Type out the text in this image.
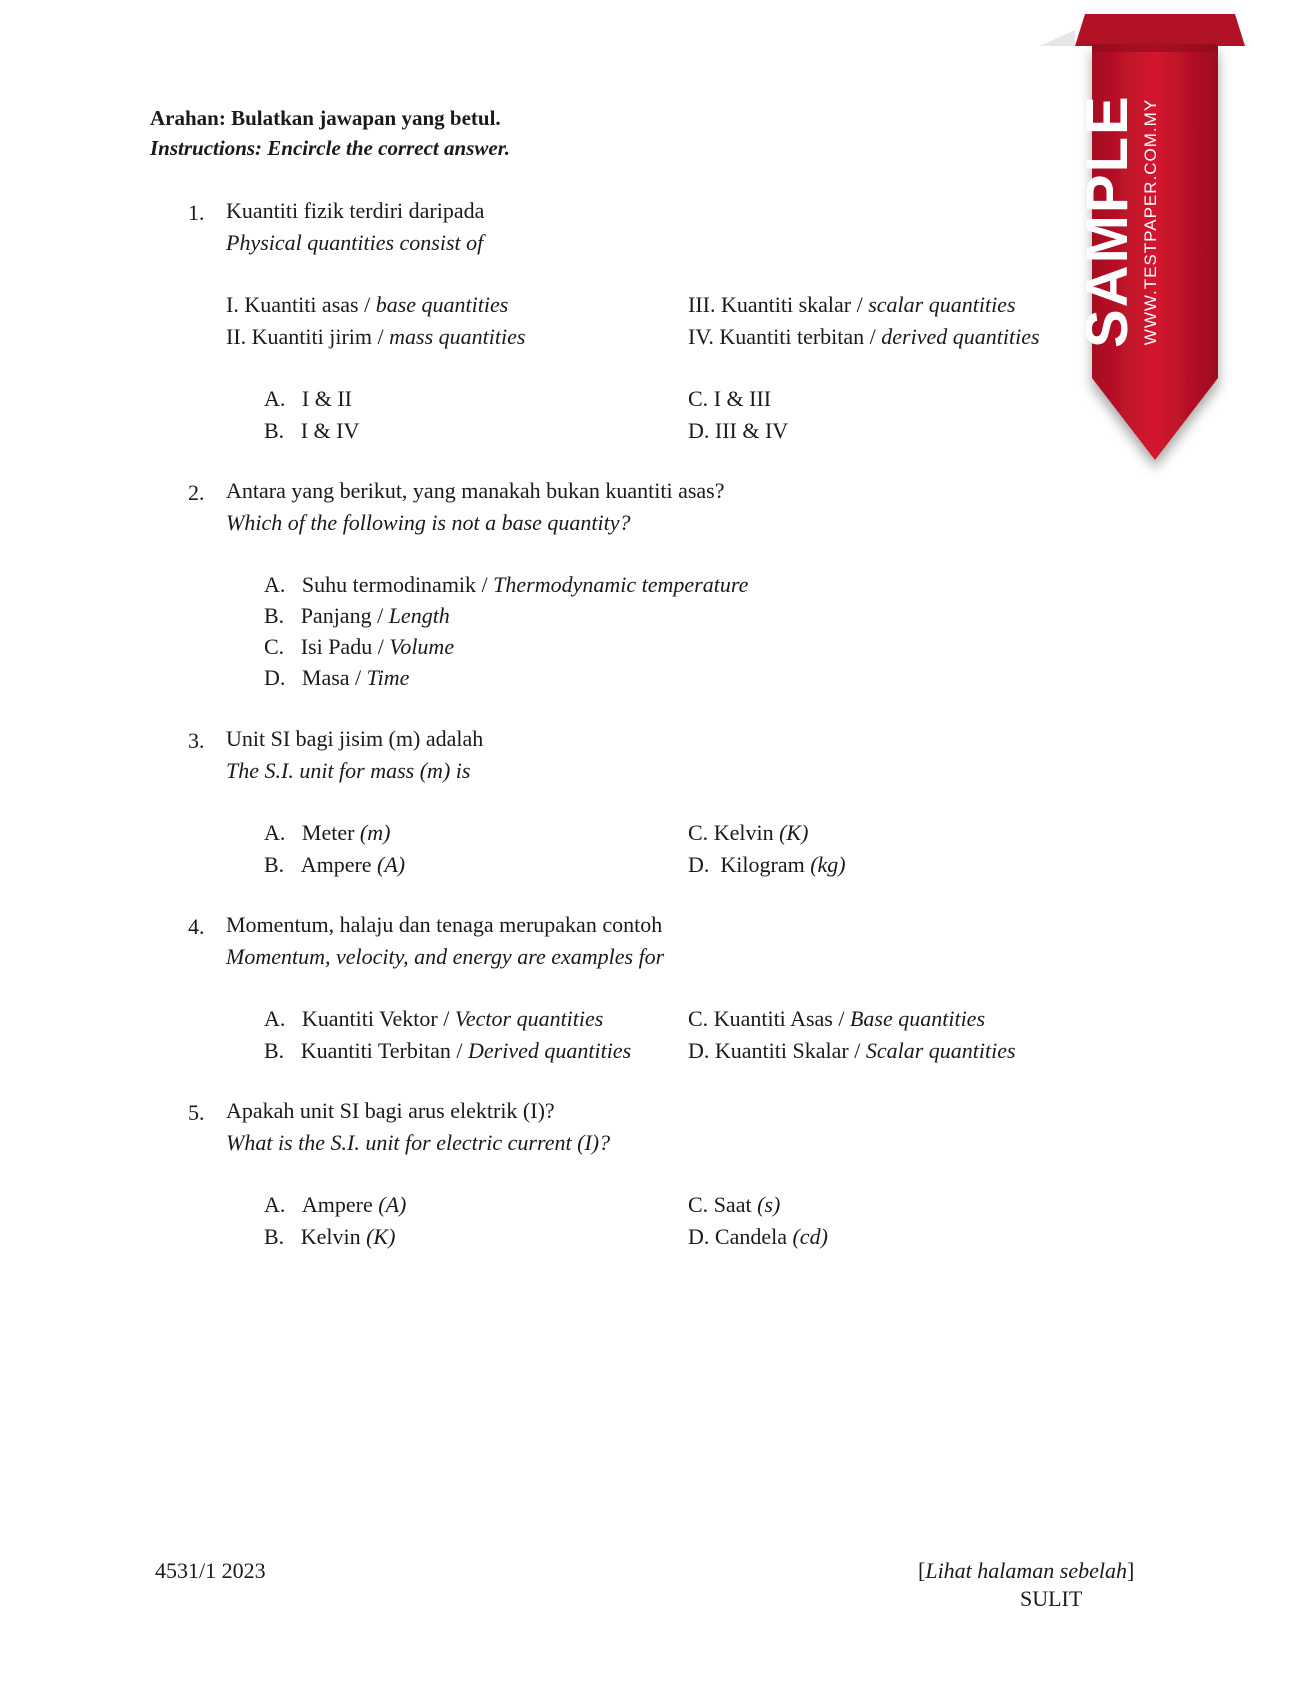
SAMPLE WWW.TESTPAPER.COM.MY
Arahan: Bulatkan jawapan yang betul.
Instructions: Encircle the correct answer.
1. Kuantiti fizik terdiri daripada
Physical quantities consist of
I. Kuantiti asas / base quantities
II. Kuantiti jirim / mass quantities
III. Kuantiti skalar / scalar quantities
IV. Kuantiti terbitan / derived quantities
A. I & II
B. I & IV
C. I & III
D. III & IV
2. Antara yang berikut, yang manakah bukan kuantiti asas?
Which of the following is not a base quantity?
A. Suhu termodinamik / Thermodynamic temperature
B. Panjang / Length
C. Isi Padu / Volume
D. Masa / Time
3. Unit SI bagi jisim (m) adalah
The S.I. unit for mass (m) is
A. Meter (m)
B. Ampere (A)
C. Kelvin (K)
D. Kilogram (kg)
4. Momentum, halaju dan tenaga merupakan contoh
Momentum, velocity, and energy are examples for
A. Kuantiti Vektor / Vector quantities
B. Kuantiti Terbitan / Derived quantities
C. Kuantiti Asas / Base quantities
D. Kuantiti Skalar / Scalar quantities
5. Apakah unit SI bagi arus elektrik (I)?
What is the S.I. unit for electric current (I)?
A. Ampere (A)
B. Kelvin (K)
C. Saat (s)
D. Candela (cd)
4531/1 2023	[Lihat halaman sebelah]
SULIT
